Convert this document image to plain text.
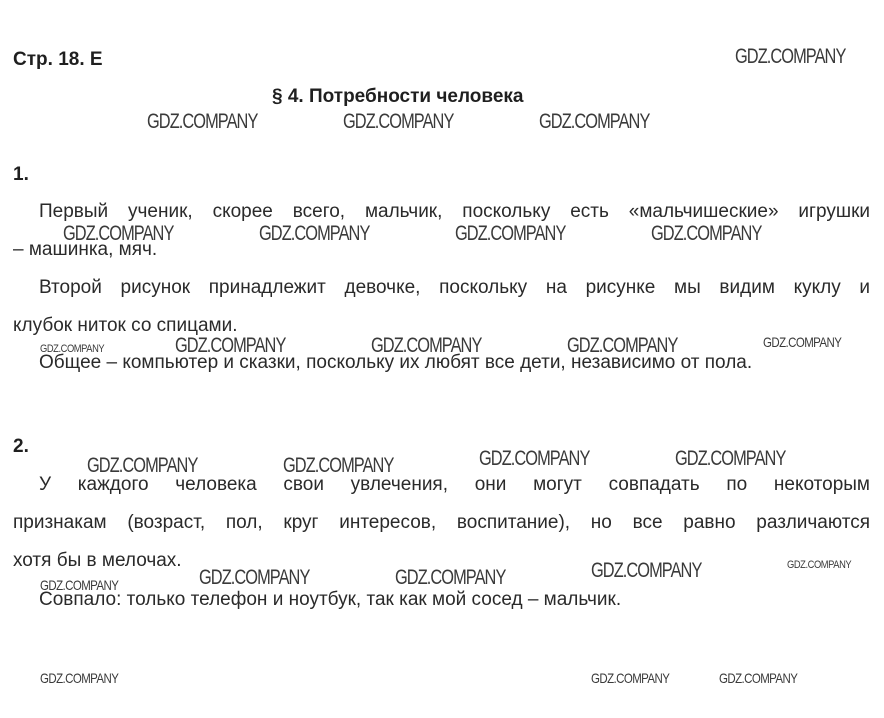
Стр. 18. Е
§ 4. Потребности человека
1.
Первый ученик, скорее всего, мальчик, поскольку есть «мальчишеские» игрушки
– машинка, мяч.
Второй рисунок принадлежит девочке, поскольку на рисунке мы видим куклу и
клубок ниток со спицами.
Общее – компьютер и сказки, поскольку их любят все дети, независимо от пола.
2.
У каждого человека свои увлечения, они могут совпадать по некоторым
признакам (возраст, пол, круг интересов, воспитание), но все равно различаются
хотя бы в мелочах.
Совпало: только телефон и ноутбук, так как мой сосед – мальчик.
GDZ.COMPANY
GDZ.COMPANY	GDZ.COMPANY	GDZ.COMPANY
GDZ.COMPANY	GDZ.COMPANY	GDZ.COMPANY	GDZ.COMPANY
GDZ.COMPANY	GDZ.COMPANY	GDZ.COMPANY	GDZ.COMPANY	GDZ.COMPANY
GDZ.COMPANY	GDZ.COMPANY
GDZ.COMPANY	GDZ.COMPANY
GDZ.COMPANY	GDZ.COMPANY
GDZ.COMPANY	GDZ.COMPANY
GDZ.COMPANY
GDZ.COMPANY	GDZ.COMPANY	GDZ.COMPANY
